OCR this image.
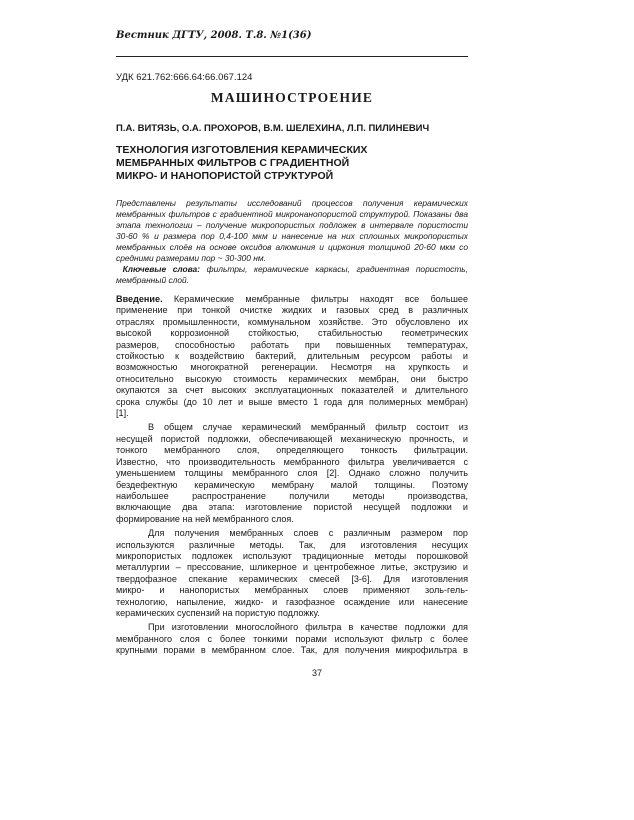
Вестник ДГТУ, 2008. Т.8. №1(36)
УДК 621.762:666.64:66.067.124
МАШИНОСТРОЕНИЕ
П.А. ВИТЯЗЬ, О.А. ПРОХОРОВ, В.М. ШЕЛЕХИНА, Л.П. ПИЛИНЕВИЧ
ТЕХНОЛОГИЯ ИЗГОТОВЛЕНИЯ КЕРАМИЧЕСКИХ
МЕМБРАННЫХ ФИЛЬТРОВ С ГРАДИЕНТНОЙ
МИКРО- И НАНОПОРИСТОЙ СТРУКТУРОЙ
Представлены результаты исследований процессов получения керамических
мембранных фильтров с градиентной микронанопористой структурой. Показаны два
этапа технологии – получение микропористых подложек в интервале пористости
30-60 % и размера пор 0,4-100 мкм и нанесение на них сплошных микропористых
мембранных слоёв на основе оксидов алюминия и циркония толщиной 20-60 мкм со
средними размерами пор ~ 30-300 нм.
Ключевые слова: фильтры, керамические каркасы, градиентная пористость,
мембранный слой.
Введение. Керамические мембранные фильтры находят все большее
применение при тонкой очистке жидких и газовых сред в различных
отраслях промышленности, коммунальном хозяйстве. Это обусловлено их
высокой коррозионной стойкостью, стабильностью геометрических
размеров, способностью работать при повышенных температурах,
стойкостью к воздействию бактерий, длительным ресурсом работы и
возможностью многократной регенерации. Несмотря на хрупкость и
относительно высокую стоимость керамических мембран, они быстро
окупаются за счет высоких эксплуатационных показателей и длительного
срока службы (до 10 лет и выше вместо 1 года для полимерных мембран)
[1].
В общем случае керамический мембранный фильтр состоит из
несущей пористой подложки, обеспечивающей механическую прочность, и
тонкого мембранного слоя, определяющего тонкость фильтрации.
Известно, что производительность мембранного фильтра увеличивается с
уменьшением толщины мембранного слоя [2]. Однако сложно получить
бездефектную керамическую мембрану малой толщины. Поэтому
наибольшее распространение получили методы производства,
включающие два этапа: изготовление пористой несущей подложки и
формирование на ней мембранного слоя.
Для получения мембранных слоев с различным размером пор
используются различные методы. Так, для изготовления несущих
микропористых подложек используют традиционные методы порошковой
металлургии – прессование, шликерное и центробежное литье, экструзию и
твердофазное спекание керамических смесей [3-6]. Для изготовления
микро- и нанопористых мембранных слоев применяют золь-гель-
технологию, напыление, жидко- и газофазное осаждение или нанесение
керамических суспензий на пористую подложку.
При изготовлении многослойного фильтра в качестве подложки для
мембранного слоя с более тонкими порами используют фильтр с более
крупными порами в мембранном слое. Так, для получения микрофильтра в
37
